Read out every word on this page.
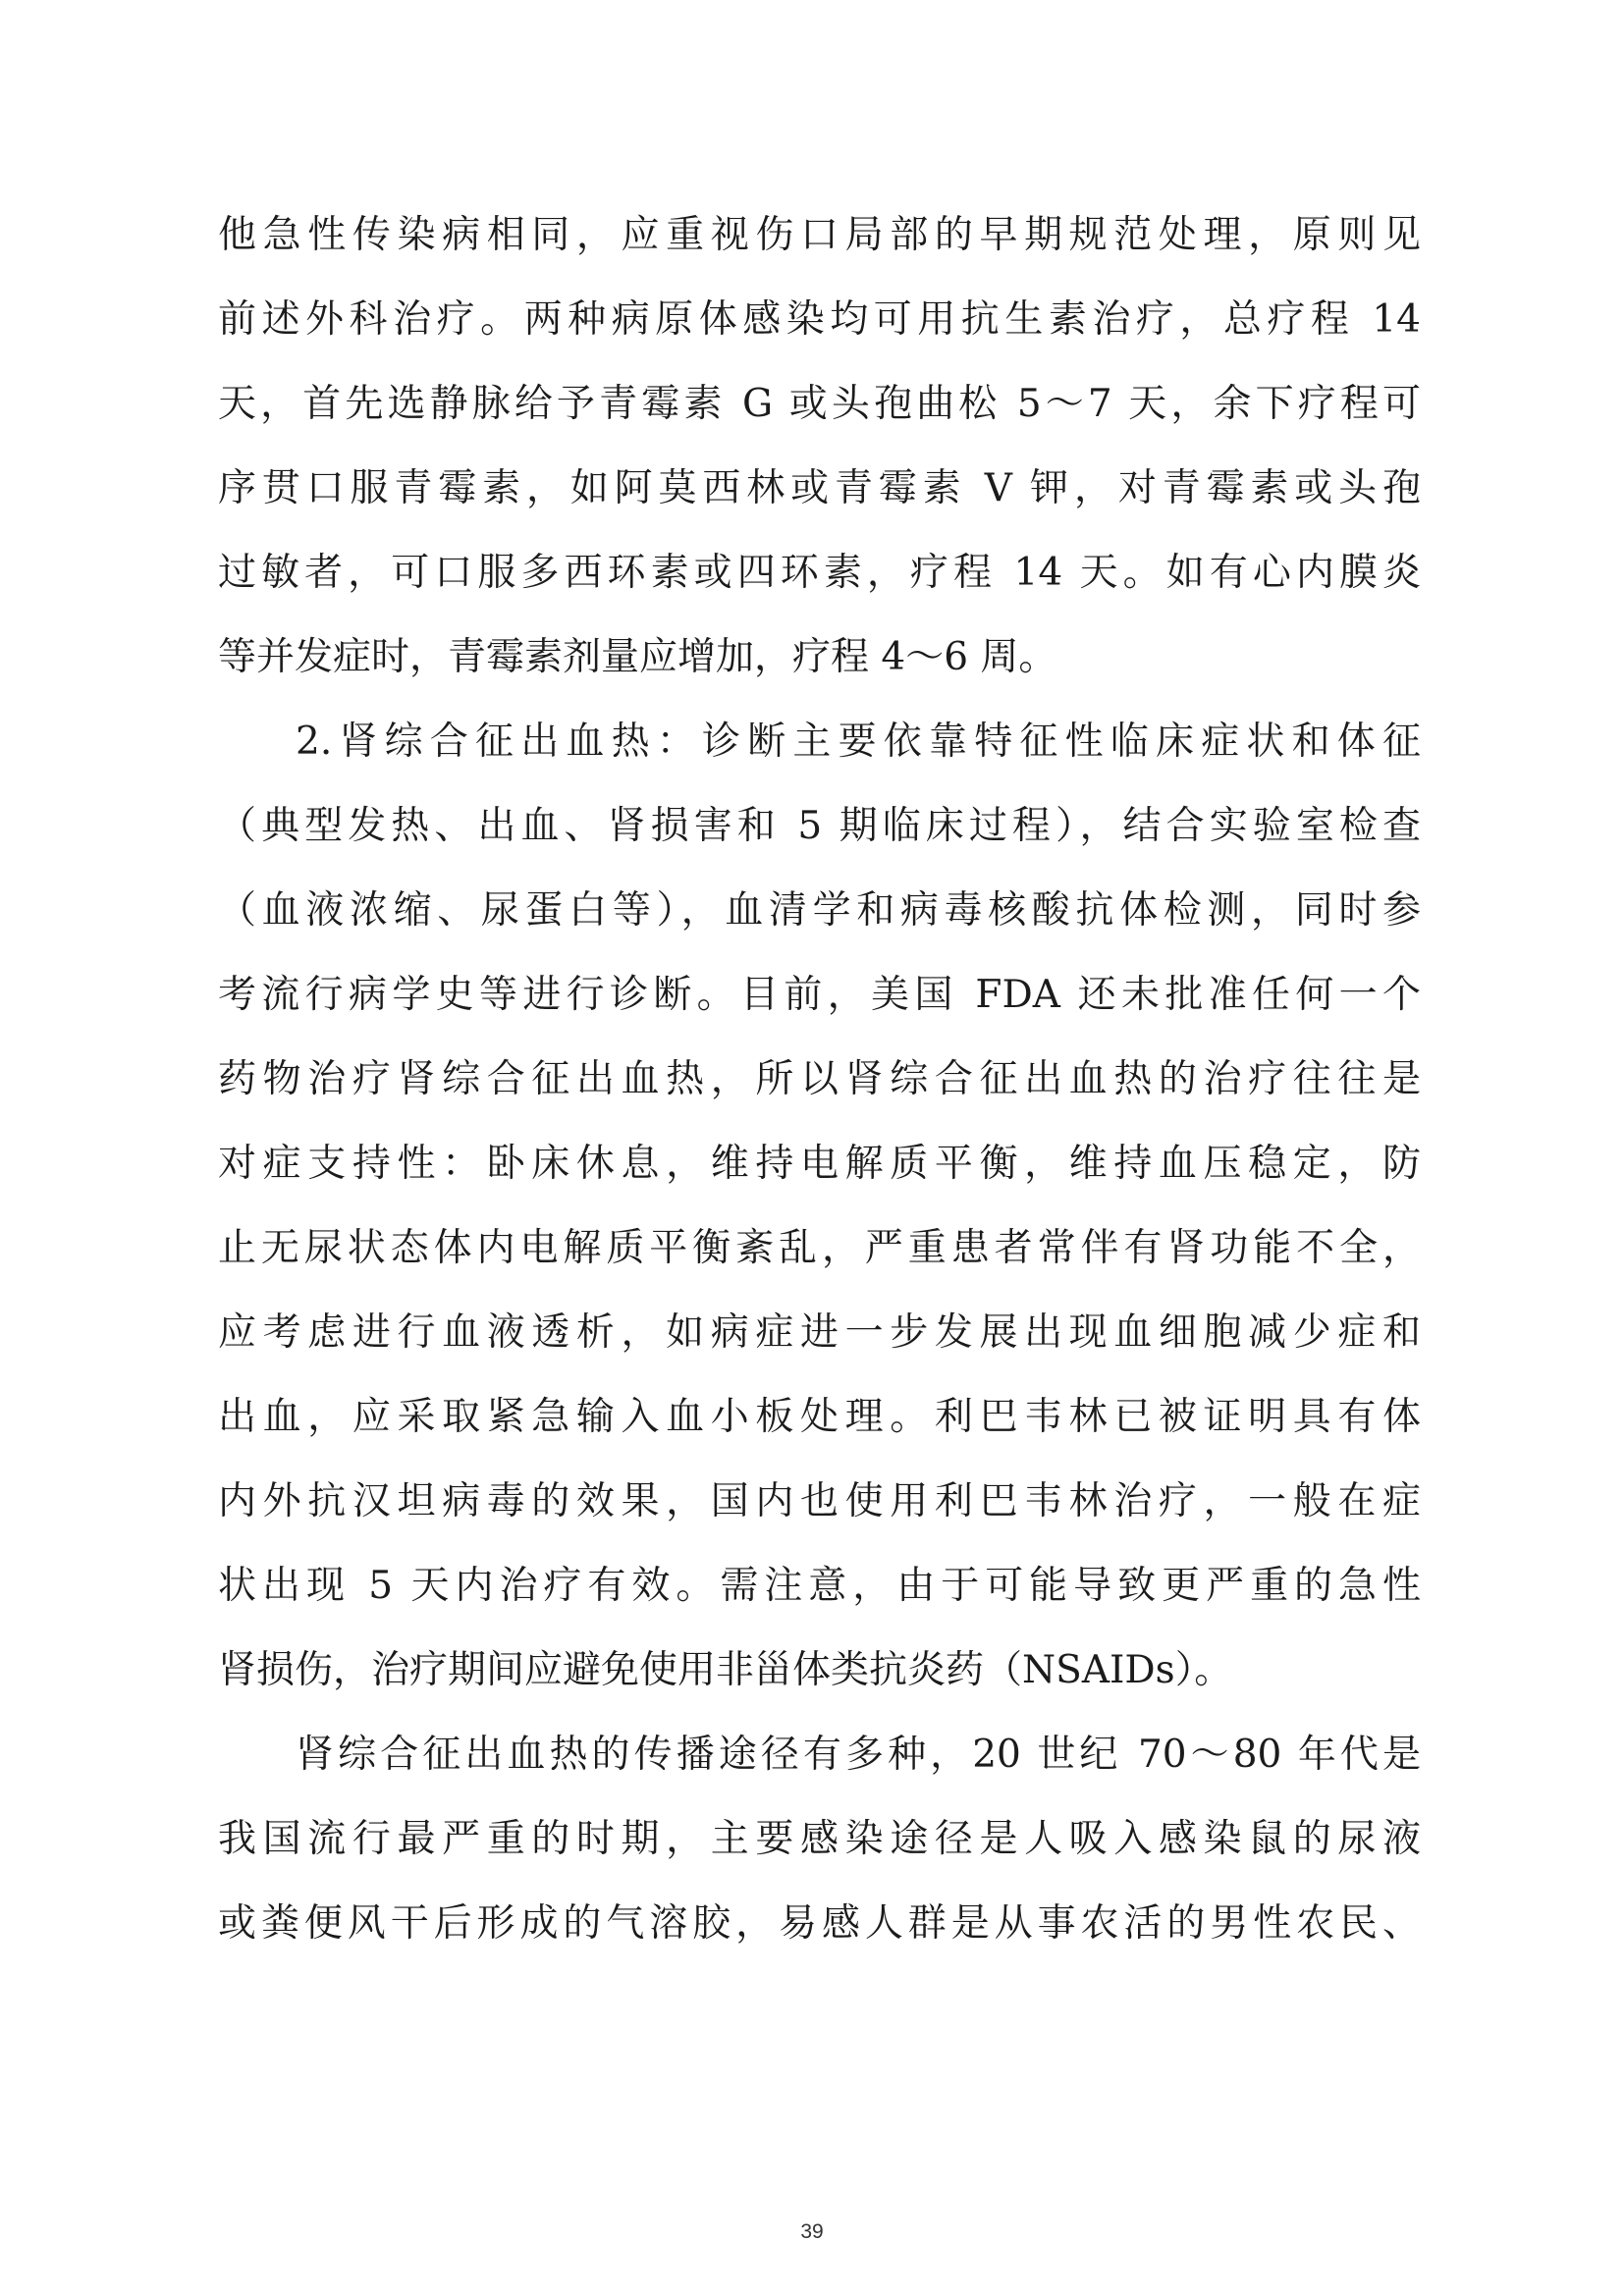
他急性传染病相同，应重视伤口局部的早期规范处理，原则见
前述外科治疗。两种病原体感染均可用抗生素治疗，总疗程 14
天，首先选静脉给予青霉素 G 或头孢曲松 5～7 天，余下疗程可
序贯口服青霉素，如阿莫西林或青霉素 V 钾，对青霉素或头孢
过敏者，可口服多西环素或四环素，疗程 14 天。如有心内膜炎
等并发症时，青霉素剂量应增加，疗程 4～6 周。
2.肾综合征出血热：诊断主要依靠特征性临床症状和体征
（典型发热、出血、肾损害和 5 期临床过程），结合实验室检查
（血液浓缩、尿蛋白等），血清学和病毒核酸抗体检测，同时参
考流行病学史等进行诊断。目前，美国 FDA 还未批准任何一个
药物治疗肾综合征出血热，所以肾综合征出血热的治疗往往是
对症支持性：卧床休息，维持电解质平衡，维持血压稳定，防
止无尿状态体内电解质平衡紊乱，严重患者常伴有肾功能不全，
应考虑进行血液透析，如病症进一步发展出现血细胞减少症和
出血，应采取紧急输入血小板处理。利巴韦林已被证明具有体
内外抗汉坦病毒的效果，国内也使用利巴韦林治疗，一般在症
状出现 5 天内治疗有效。需注意，由于可能导致更严重的急性
肾损伤，治疗期间应避免使用非甾体类抗炎药（NSAIDs）。
肾综合征出血热的传播途径有多种，20 世纪 70～80 年代是
我国流行最严重的时期，主要感染途径是人吸入感染鼠的尿液
或粪便风干后形成的气溶胶，易感人群是从事农活的男性农民、
39
